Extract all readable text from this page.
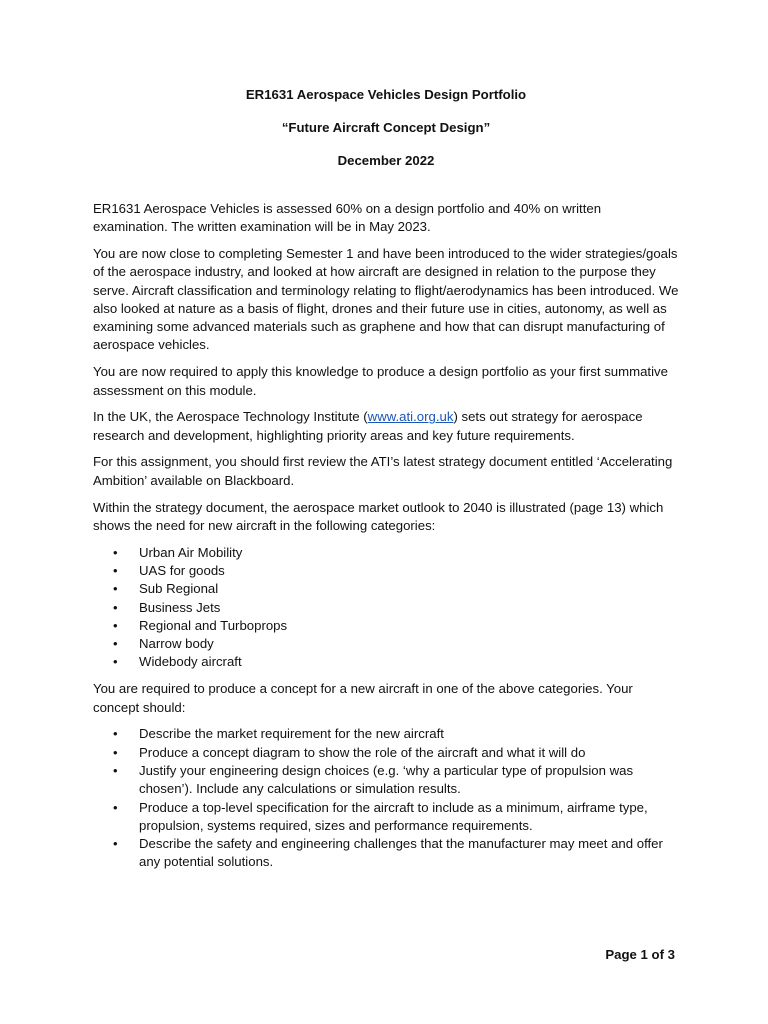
ER1631 Aerospace Vehicles Design Portfolio

“Future Aircraft Concept Design”

December 2022

ER1631 Aerospace Vehicles is assessed 60% on a design portfolio and 40% on written examination. The written examination will be in May 2023.

You are now close to completing Semester 1 and have been introduced to the wider strategies/goals of the aerospace industry, and looked at how aircraft are designed in relation to the purpose they serve. Aircraft classification and terminology relating to flight/aerodynamics has been introduced. We also looked at nature as a basis of flight, drones and their future use in cities, autonomy, as well as examining some advanced materials such as graphene and how that can disrupt manufacturing of aerospace vehicles.

You are now required to apply this knowledge to produce a design portfolio as your first summative assessment on this module.

In the UK, the Aerospace Technology Institute (www.ati.org.uk) sets out strategy for aerospace research and development, highlighting priority areas and key future requirements.

For this assignment, you should first review the ATI’s latest strategy document entitled ‘Accelerating Ambition’ available on Blackboard.

Within the strategy document, the aerospace market outlook to 2040 is illustrated (page 13) which shows the need for new aircraft in the following categories:

• Urban Air Mobility
• UAS for goods
• Sub Regional
• Business Jets
• Regional and Turboprops
• Narrow body
• Widebody aircraft

You are required to produce a concept for a new aircraft in one of the above categories. Your concept should:

• Describe the market requirement for the new aircraft
• Produce a concept diagram to show the role of the aircraft and what it will do
• Justify your engineering design choices (e.g. ‘why a particular type of propulsion was chosen’). Include any calculations or simulation results.
• Produce a top-level specification for the aircraft to include as a minimum, airframe type, propulsion, systems required, sizes and performance requirements.
• Describe the safety and engineering challenges that the manufacturer may meet and offer any potential solutions.
Page 1 of 3
